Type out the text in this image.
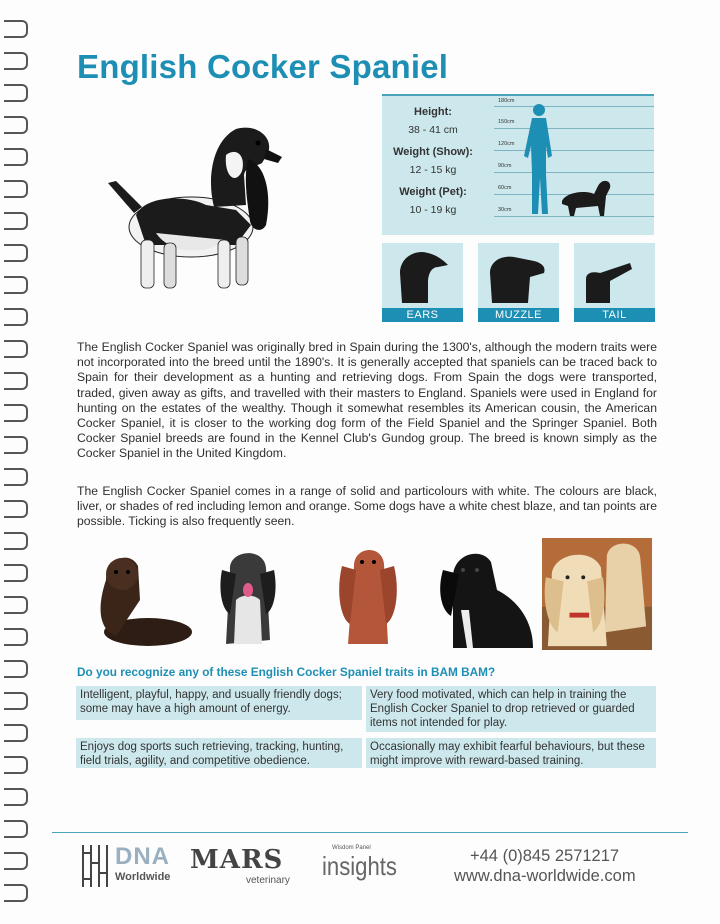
English Cocker Spaniel
Height:
38 - 41 cm
Weight (Show):
12 - 15 kg
Weight (Pet):
10 - 19 kg
180cm
150cm
120cm
90cm
60cm
30cm
EARS	MUZZLE	TAIL

The English Cocker Spaniel was originally bred in Spain during the 1300's, although the modern traits were not incorporated into the breed until the 1890's. It is generally accepted that spaniels can be traced back to Spain for their development as a hunting and retrieving dogs. From Spain the dogs were transported, traded, given away as gifts, and travelled with their masters to England. Spaniels were used in England for hunting on the estates of the wealthy. Though it somewhat resembles its American cousin, the American Cocker Spaniel, it is closer to the working dog form of the Field Spaniel and the Springer Spaniel. Both Cocker Spaniel breeds are found in the Kennel Club's Gundog group. The breed is known simply as the Cocker Spaniel in the United Kingdom.

The English Cocker Spaniel comes in a range of solid and particolours with white. The colours are black, liver, or shades of red including lemon and orange. Some dogs have a white chest blaze, and tan points are possible. Ticking is also frequently seen.

Do you recognize any of these English Cocker Spaniel traits in BAM BAM?

Intelligent, playful, happy, and usually friendly dogs; some may have a high amount of energy.
Very food motivated, which can help in training the English Cocker Spaniel to drop retrieved or guarded items not intended for play.
Enjoys dog sports such retrieving, tracking, hunting, field trials, agility, and competitive obedience.
Occasionally may exhibit fearful behaviours, but these might improve with reward-based training.
DNA
Worldwide
MARS
veterinary
Wisdom Panel
insights	+44 (0)845 2571217

www.dna-worldwide.com
